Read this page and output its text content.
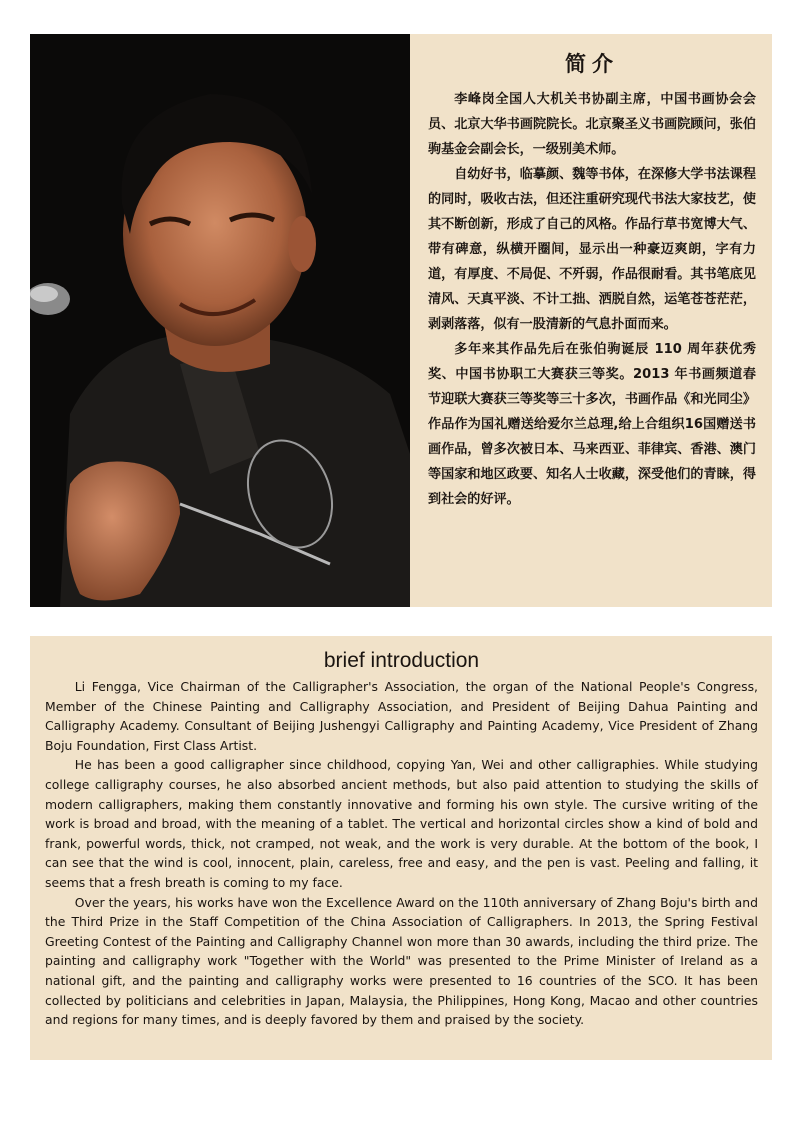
简介

李峰岗全国人大机关书协副主席，中国书画协会会员、北京大华书画院院长。北京聚圣义书画院顾问，张伯驹基金会副会长，一级别美术师。

自幼好书，临摹颜、魏等书体，在深修大学书法课程的同时，吸收古法，但还注重研究现代书法大家技艺，使其不断创新，形成了自己的风格。作品行草书宽博大气、带有碑意，纵横开圈间，显示出一种豪迈爽朗，字有力道，有厚度、不局促、不歼弱，作品很耐看。其书笔底见清风、天真平淡、不计工拙、洒脱自然，运笔苍苍茫茫，剥剥落落，似有一股清新的气息扑面而来。

多年来其作品先后在张伯驹诞辰 110 周年获优秀奖、中国书协职工大赛获三等奖。2013 年书画频道春节迎联大赛获三等奖等三十多次，书画作品《和光同尘》作品作为国礼赠送给爱尔兰总理,给上合组织16国赠送书画作品，曾多次被日本、马来西亚、菲律宾、香港、澳门等国家和地区政要、知名人士收藏，深受他们的青睐，得到社会的好评。

brief introduction

Li Fengga, Vice Chairman of the Calligrapher's Association, the organ of the National People's Congress, Member of the Chinese Painting and Calligraphy Association, and President of Beijing Dahua Painting and Calligraphy Academy. Consultant of Beijing Jushengyi Calligraphy and Painting Academy, Vice President of Zhang Boju Foundation, First Class Artist.

He has been a good calligrapher since childhood, copying Yan, Wei and other calligraphies. While studying college calligraphy courses, he also absorbed ancient methods, but also paid attention to studying the skills of modern calligraphers, making them constantly innovative and forming his own style. The cursive writing of the work is broad and broad, with the meaning of a tablet. The vertical and horizontal circles show a kind of bold and frank, powerful words, thick, not cramped, not weak, and the work is very durable. At the bottom of the book, I can see that the wind is cool, innocent, plain, careless, free and easy, and the pen is vast. Peeling and falling, it seems that a fresh breath is coming to my face.

Over the years, his works have won the Excellence Award on the 110th anniversary of Zhang Boju's birth and the Third Prize in the Staff Competition of the China Association of Calligraphers. In 2013, the Spring Festival Greeting Contest of the Painting and Calligraphy Channel won more than 30 awards, including the third prize. The painting and calligraphy work "Together with the World" was presented to the Prime Minister of Ireland as a national gift, and the painting and calligraphy works were presented to 16 countries of the SCO. It has been collected by politicians and celebrities in Japan, Malaysia, the Philippines, Hong Kong, Macao and other countries and regions for many times, and is deeply favored by them and praised by the society.
